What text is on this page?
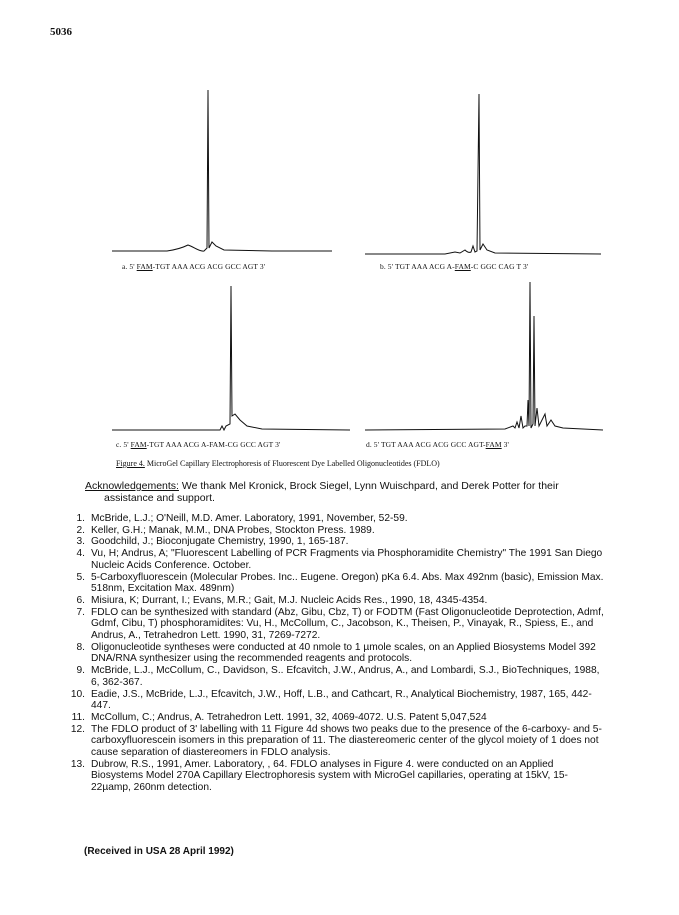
5036
a. 5' FAM-TGT AAA ACG ACG GCC AGT 3'	b. 5' TGT AAA ACG A-FAM-C GGC CAG T 3'
c. 5' FAM-TGT AAA ACG A-FAM-CG GCC AGT 3'	d. 5' TGT AAA ACG ACG GCC AGT-FAM 3'
Figure 4. MicroGel Capillary Electrophoresis of Fluorescent Dye Labelled Oligonucleotides (FDLO)
Acknowledgements: We thank Mel Kronick, Brock Siegel, Lynn Wuischpard, and Derek Potter for their
assistance and support.
1. McBride, L.J.; O'Neill, M.D. Amer. Laboratory, 1991, November, 52-59.
2. Keller, G.H.; Manak, M.M., DNA Probes, Stockton Press. 1989.
3. Goodchild, J.; Bioconjugate Chemistry, 1990, 1, 165-187.
4. Vu, H; Andrus, A; "Fluorescent Labelling of PCR Fragments via Phosphoramidite Chemistry" The 1991 San Diego Nucleic Acids Conference. October.
5. 5-Carboxyfluorescein (Molecular Probes. Inc.. Eugene. Oregon) pKa 6.4. Abs. Max 492nm (basic), Emission Max. 518nm, Excitation Max. 489nm)
6. Misiura, K; Durrant, I.; Evans, M.R.; Gait, M.J. Nucleic Acids Res., 1990, 18, 4345-4354.
7. FDLO can be synthesized with standard (Abz, Gibu, Cbz, T) or FODTM (Fast Oligonucleotide Deprotection, Admf, Gdmf, Cibu, T) phosphoramidites: Vu, H., McCollum, C., Jacobson, K., Theisen, P., Vinayak, R., Spiess, E., and Andrus, A., Tetrahedron Lett. 1990, 31, 7269-7272.
8. Oligonucleotide syntheses were conducted at 40 nmole to 1 µmole scales, on an Applied Biosystems Model 392 DNA/RNA synthesizer using the recommended reagents and protocols.
9. McBride, L.J., McCollum, C., Davidson, S.. Efcavitch, J.W., Andrus, A., and Lombardi, S.J., BioTechniques, 1988, 6, 362-367.
10. Eadie, J.S., McBride, L.J., Efcavitch, J.W., Hoff, L.B., and Cathcart, R., Analytical Biochemistry, 1987, 165, 442-447.
11. McCollum, C.; Andrus, A. Tetrahedron Lett. 1991, 32, 4069-4072. U.S. Patent 5,047,524
12. The FDLO product of 3' labelling with 11 Figure 4d shows two peaks due to the presence of the 6-carboxy- and 5-carboxyfluorescein isomers in this preparation of 11. The diastereomeric center of the glycol moiety of 1 does not cause separation of diastereomers in FDLO analysis.
13. Dubrow, R.S., 1991, Amer. Laboratory, , 64. FDLO analyses in Figure 4. were conducted on an Applied Biosystems Model 270A Capillary Electrophoresis system with MicroGel capillaries, operating at 15kV, 15-22µamp, 260nm detection.
(Received in USA 28 April 1992)
